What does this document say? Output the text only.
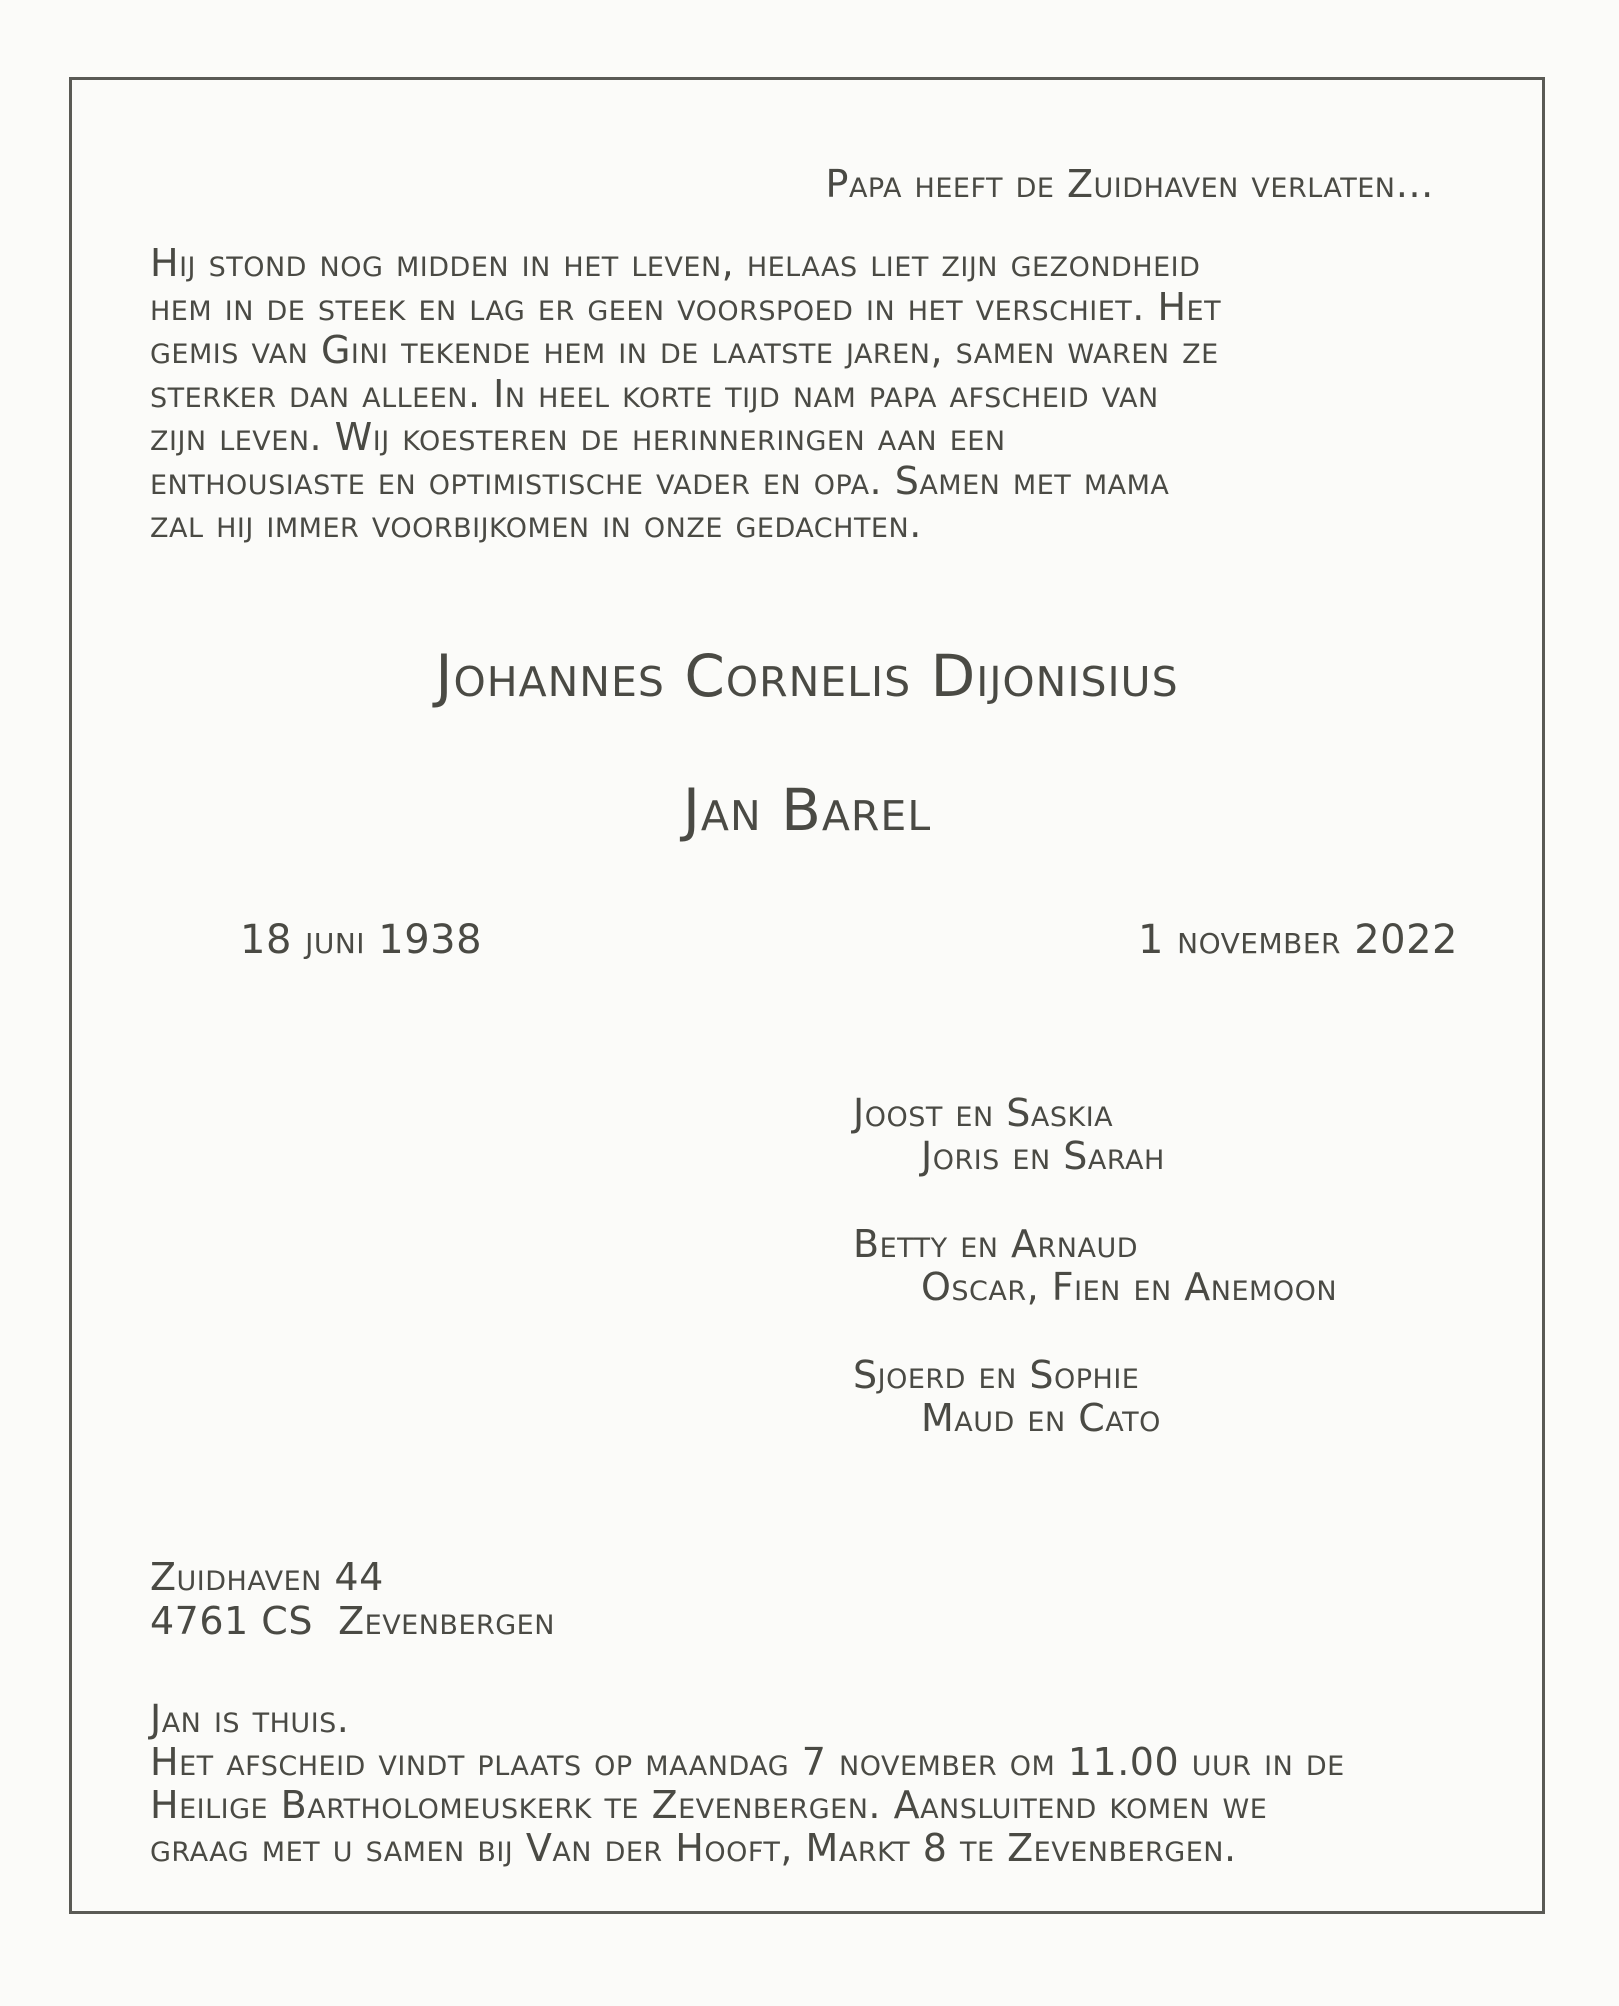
Papa heeft de Zuidhaven verlaten…

Hij stond nog midden in het leven, helaas liet zijn gezondheid

hem in de steek en lag er geen voorspoed in het verschiet. Het

gemis van Gini tekende hem in de laatste jaren, samen waren ze

sterker dan alleen. In heel korte tijd nam papa afscheid van

zijn leven. Wij koesteren de herinneringen aan een

enthousiaste en optimistische vader en opa. Samen met mama

zal hij immer voorbijkomen in onze gedachten.

Johannes Cornelis Dijonisius
Jan Barel
18 juni 1938	1 november 2022
Joost en Saskia
Joris en Sarah
Betty en Arnaud
Oscar, Fien en Anemoon
Sjoerd en Sophie
Maud en Cato
Zuidhaven 44
4761 CS  Zevenbergen

Jan is thuis.

Het afscheid vindt plaats op maandag 7 november om 11.00 uur in de

Heilige Bartholomeuskerk te Zevenbergen. Aansluitend komen we

graag met u samen bij Van der Hooft, Markt 8 te Zevenbergen.
